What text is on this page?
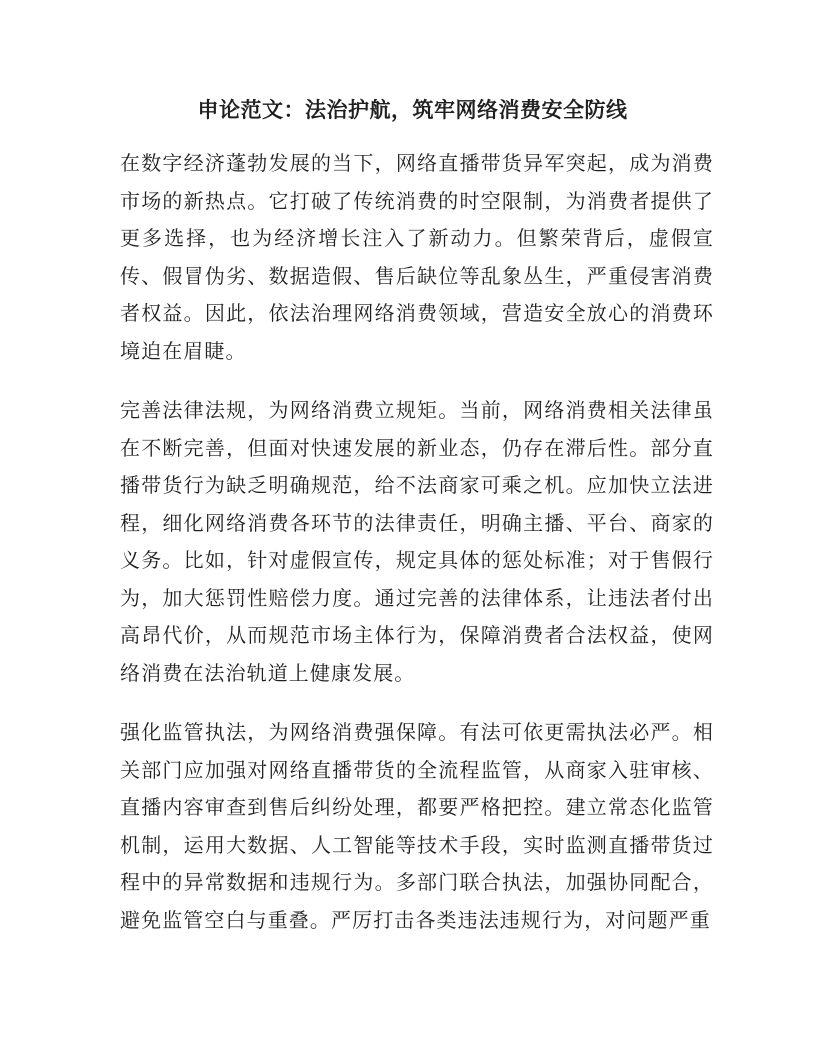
申论范文：法治护航，筑牢网络消费安全防线

在数字经济蓬勃发展的当下，网络直播带货异军突起，成为消费市场的新热点。它打破了传统消费的时空限制，为消费者提供了更多选择，也为经济增长注入了新动力。但繁荣背后，虚假宣传、假冒伪劣、数据造假、售后缺位等乱象丛生，严重侵害消费者权益。因此，依法治理网络消费领域，营造安全放心的消费环境迫在眉睫。

完善法律法规，为网络消费立规矩。当前，网络消费相关法律虽在不断完善，但面对快速发展的新业态，仍存在滞后性。部分直播带货行为缺乏明确规范，给不法商家可乘之机。应加快立法进程，细化网络消费各环节的法律责任，明确主播、平台、商家的义务。比如，针对虚假宣传，规定具体的惩处标准；对于售假行为，加大惩罚性赔偿力度。通过完善的法律体系，让违法者付出高昂代价，从而规范市场主体行为，保障消费者合法权益，使网络消费在法治轨道上健康发展。

强化监管执法，为网络消费强保障。有法可依更需执法必严。相关部门应加强对网络直播带货的全流程监管，从商家入驻审核、直播内容审查到售后纠纷处理，都要严格把控。建立常态化监管机制，运用大数据、人工智能等技术手段，实时监测直播带货过程中的异常数据和违规行为。多部门联合执法，加强协同配合，避免监管空白与重叠。严厉打击各类违法违规行为，对问题严重
